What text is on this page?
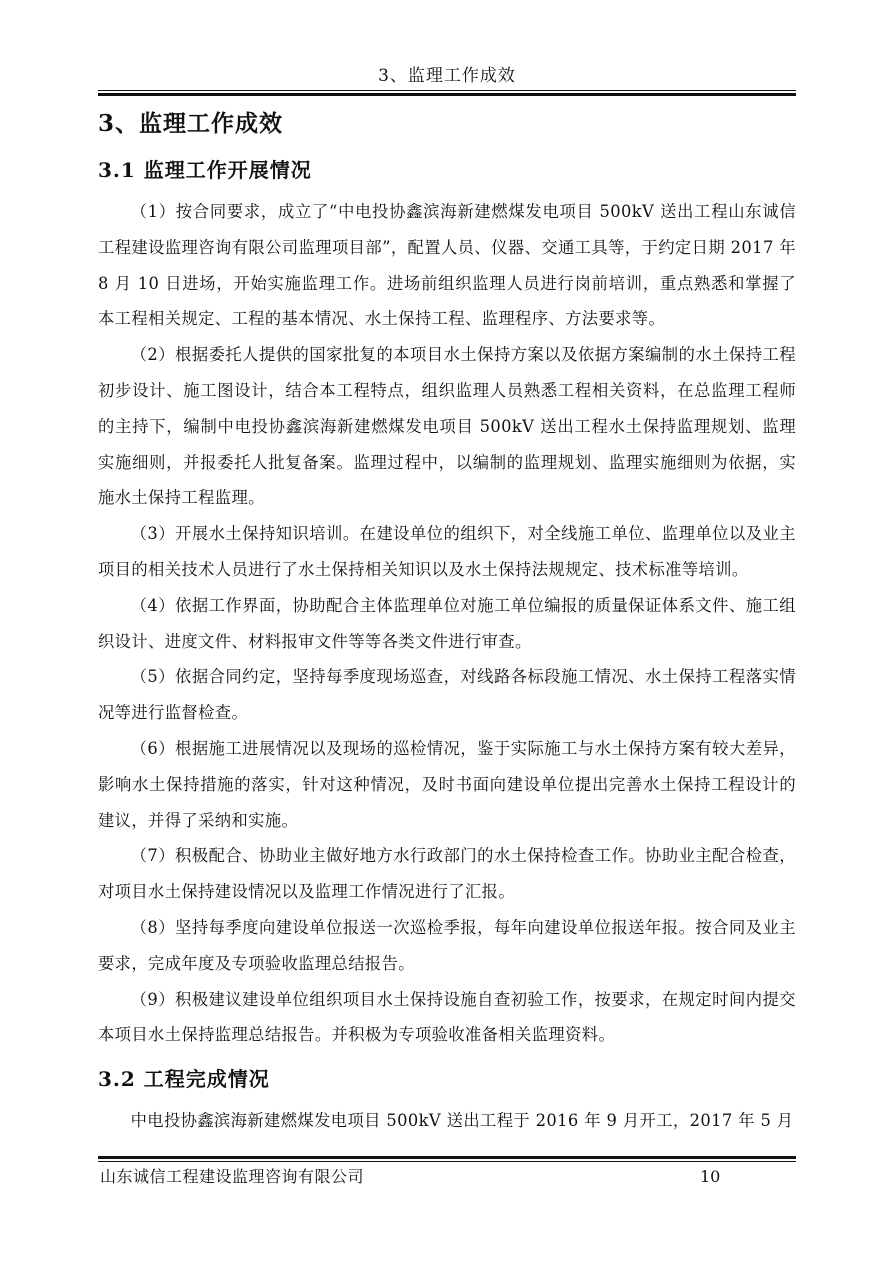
3、监理工作成效
3、监理工作成效
3.1 监理工作开展情况

（1）按合同要求，成立了“中电投协鑫滨海新建燃煤发电项目 500kV 送出工程山东诚信工程建设监理咨询有限公司监理项目部”，配置人员、仪器、交通工具等，于约定日期 2017 年 8 月 10 日进场，开始实施监理工作。进场前组织监理人员进行岗前培训，重点熟悉和掌握了本工程相关规定、工程的基本情况、水土保持工程、监理程序、方法要求等。

（2）根据委托人提供的国家批复的本项目水土保持方案以及依据方案编制的水土保持工程初步设计、施工图设计，结合本工程特点，组织监理人员熟悉工程相关资料，在总监理工程师的主持下，编制中电投协鑫滨海新建燃煤发电项目 500kV 送出工程水土保持监理规划、监理实施细则，并报委托人批复备案。监理过程中，以编制的监理规划、监理实施细则为依据，实施水土保持工程监理。

（3）开展水土保持知识培训。在建设单位的组织下，对全线施工单位、监理单位以及业主项目的相关技术人员进行了水土保持相关知识以及水土保持法规规定、技术标准等培训。

（4）依据工作界面，协助配合主体监理单位对施工单位编报的质量保证体系文件、施工组织设计、进度文件、材料报审文件等等各类文件进行审查。

（5）依据合同约定，坚持每季度现场巡查，对线路各标段施工情况、水土保持工程落实情况等进行监督检查。

（6）根据施工进展情况以及现场的巡检情况，鉴于实际施工与水土保持方案有较大差异，影响水土保持措施的落实，针对这种情况，及时书面向建设单位提出完善水土保持工程设计的建议，并得了采纳和实施。

（7）积极配合、协助业主做好地方水行政部门的水土保持检查工作。协助业主配合检查，对项目水土保持建设情况以及监理工作情况进行了汇报。

（8）坚持每季度向建设单位报送一次巡检季报，每年向建设单位报送年报。按合同及业主要求，完成年度及专项验收监理总结报告。

（9）积极建议建设单位组织项目水土保持设施自查初验工作，按要求，在规定时间内提交本项目水土保持监理总结报告。并积极为专项验收准备相关监理资料。

3.2 工程完成情况

中电投协鑫滨海新建燃煤发电项目 500kV 送出工程于 2016 年 9 月开工，2017 年 5 月

山东诚信工程建设监理咨询有限公司	10
